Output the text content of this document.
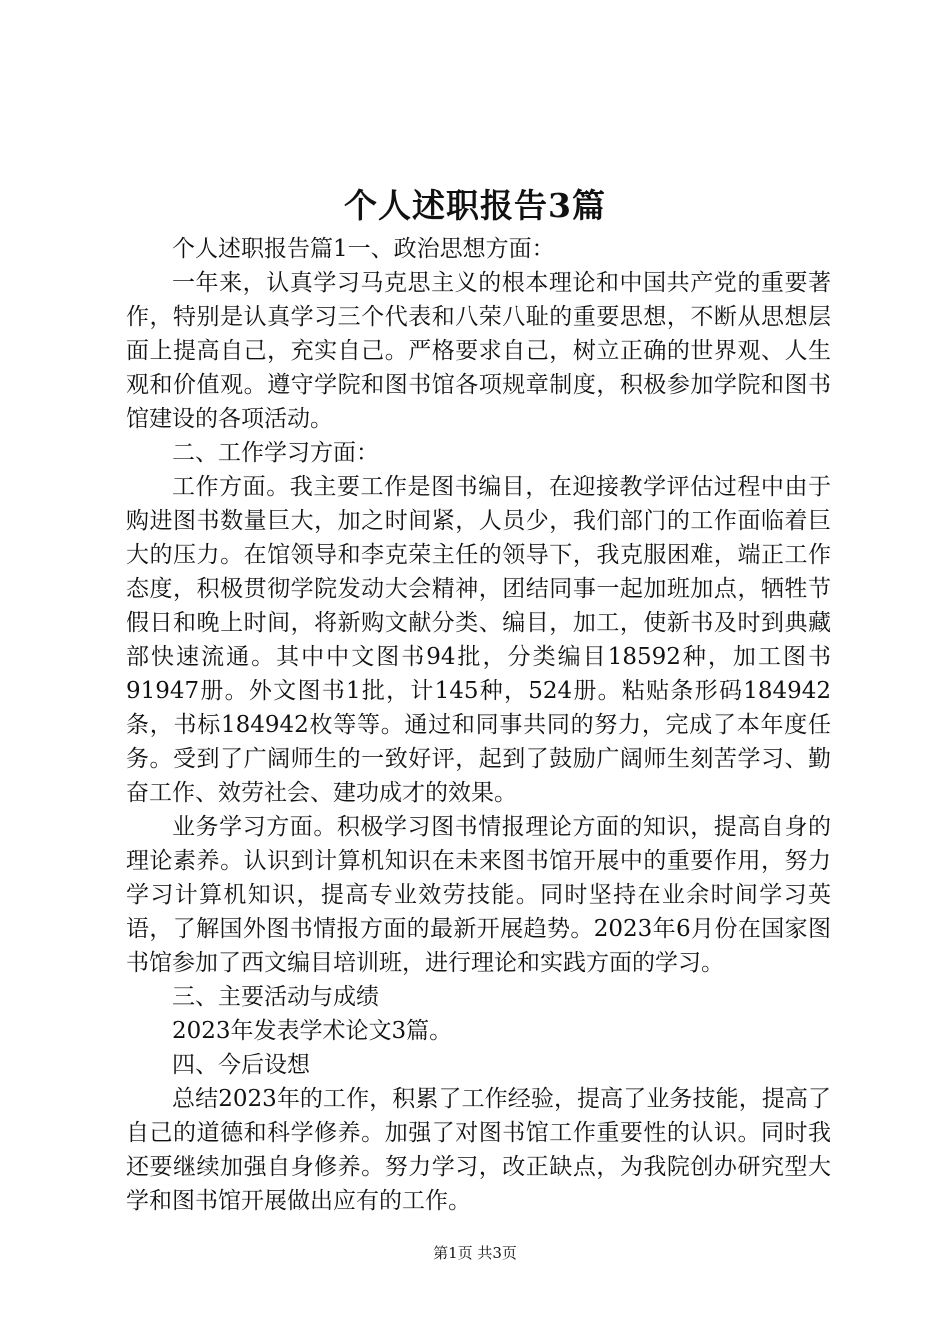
个人述职报告3篇

个人述职报告篇1一、政治思想方面：

一年来，认真学习马克思主义的根本理论和中国共产党的重要著作，特别是认真学习三个代表和八荣八耻的重要思想，不断从思想层面上提高自己，充实自己。严格要求自己，树立正确的世界观、人生观和价值观。遵守学院和图书馆各项规章制度，积极参加学院和图书馆建设的各项活动。

二、工作学习方面：

工作方面。我主要工作是图书编目，在迎接教学评估过程中由于购进图书数量巨大，加之时间紧，人员少，我们部门的工作面临着巨大的压力。在馆领导和李克荣主任的领导下，我克服困难，端正工作态度，积极贯彻学院发动大会精神，团结同事一起加班加点，牺牲节假日和晚上时间，将新购文献分类、编目，加工，使新书及时到典藏部快速流通。其中中文图书94批，分类编目18592种，加工图书91947册。外文图书1批，计145种，524册。粘贴条形码184942条，书标184942枚等等。通过和同事共同的努力，完成了本年度任务。受到了广阔师生的一致好评，起到了鼓励广阔师生刻苦学习、勤奋工作、效劳社会、建功成才的效果。

业务学习方面。积极学习图书情报理论方面的知识，提高自身的理论素养。认识到计算机知识在未来图书馆开展中的重要作用，努力学习计算机知识，提高专业效劳技能。同时坚持在业余时间学习英语，了解国外图书情报方面的最新开展趋势。2023年6月份在国家图书馆参加了西文编目培训班，进行理论和实践方面的学习。

三、主要活动与成绩

2023年发表学术论文3篇。

四、今后设想

总结2023年的工作，积累了工作经验，提高了业务技能，提高了自己的道德和科学修养。加强了对图书馆工作重要性的认识。同时我还要继续加强自身修养。努力学习，改正缺点，为我院创办研究型大学和图书馆开展做出应有的工作。

第1页 共3页
